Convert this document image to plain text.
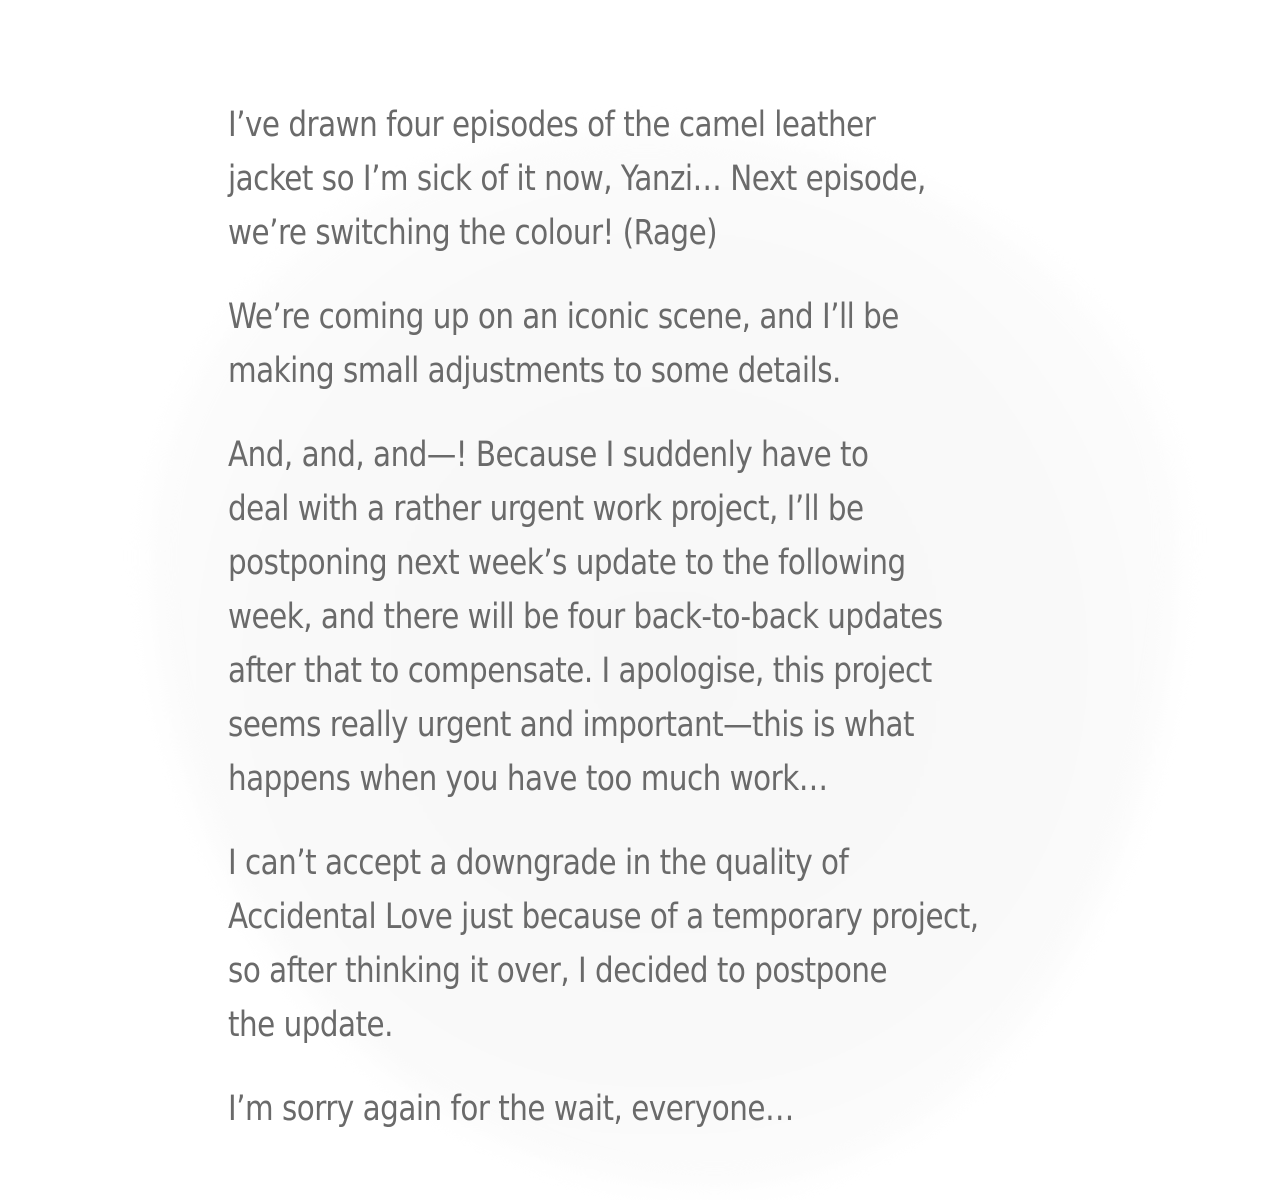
I’ve drawn four episodes of the camel leather
jacket so I’m sick of it now, Yanzi… Next episode,
we’re switching the colour! (Rage)

We’re coming up on an iconic scene, and I’ll be
making small adjustments to some details.

And, and, and—! Because I suddenly have to
deal with a rather urgent work project, I’ll be
postponing next week’s update to the following
week, and there will be four back-to-back updates
after that to compensate. I apologise, this project
seems really urgent and important—this is what
happens when you have too much work…

I can’t accept a downgrade in the quality of
Accidental Love just because of a temporary project,
so after thinking it over, I decided to postpone
the update.

I’m sorry again for the wait, everyone…
